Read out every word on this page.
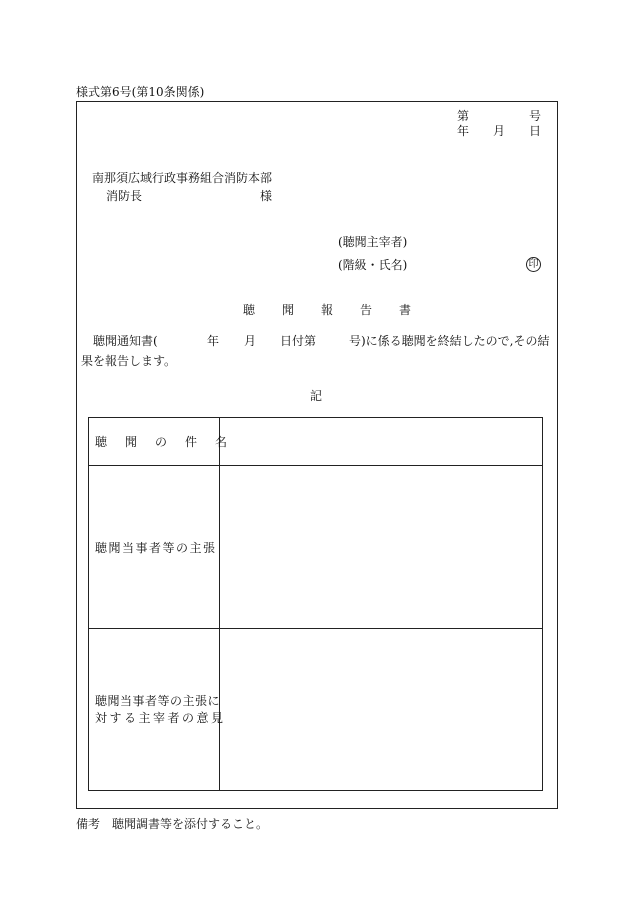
様式第6号(第10条関係)
第	号
年 月 日
南那須広域行政事務組合消防本部
消防長	様
(聴聞主宰者)
(階級・氏名)	印
聴聞報告書
聴聞通知書(	年 月 日付第	号)に係る聴聞を終結したので,その結
果を報告します。
記
聴聞の件名
聴聞当事者等の主張
聴聞当事者等の主張に
対する主宰者の意見
備考　聴聞調書等を添付すること。
